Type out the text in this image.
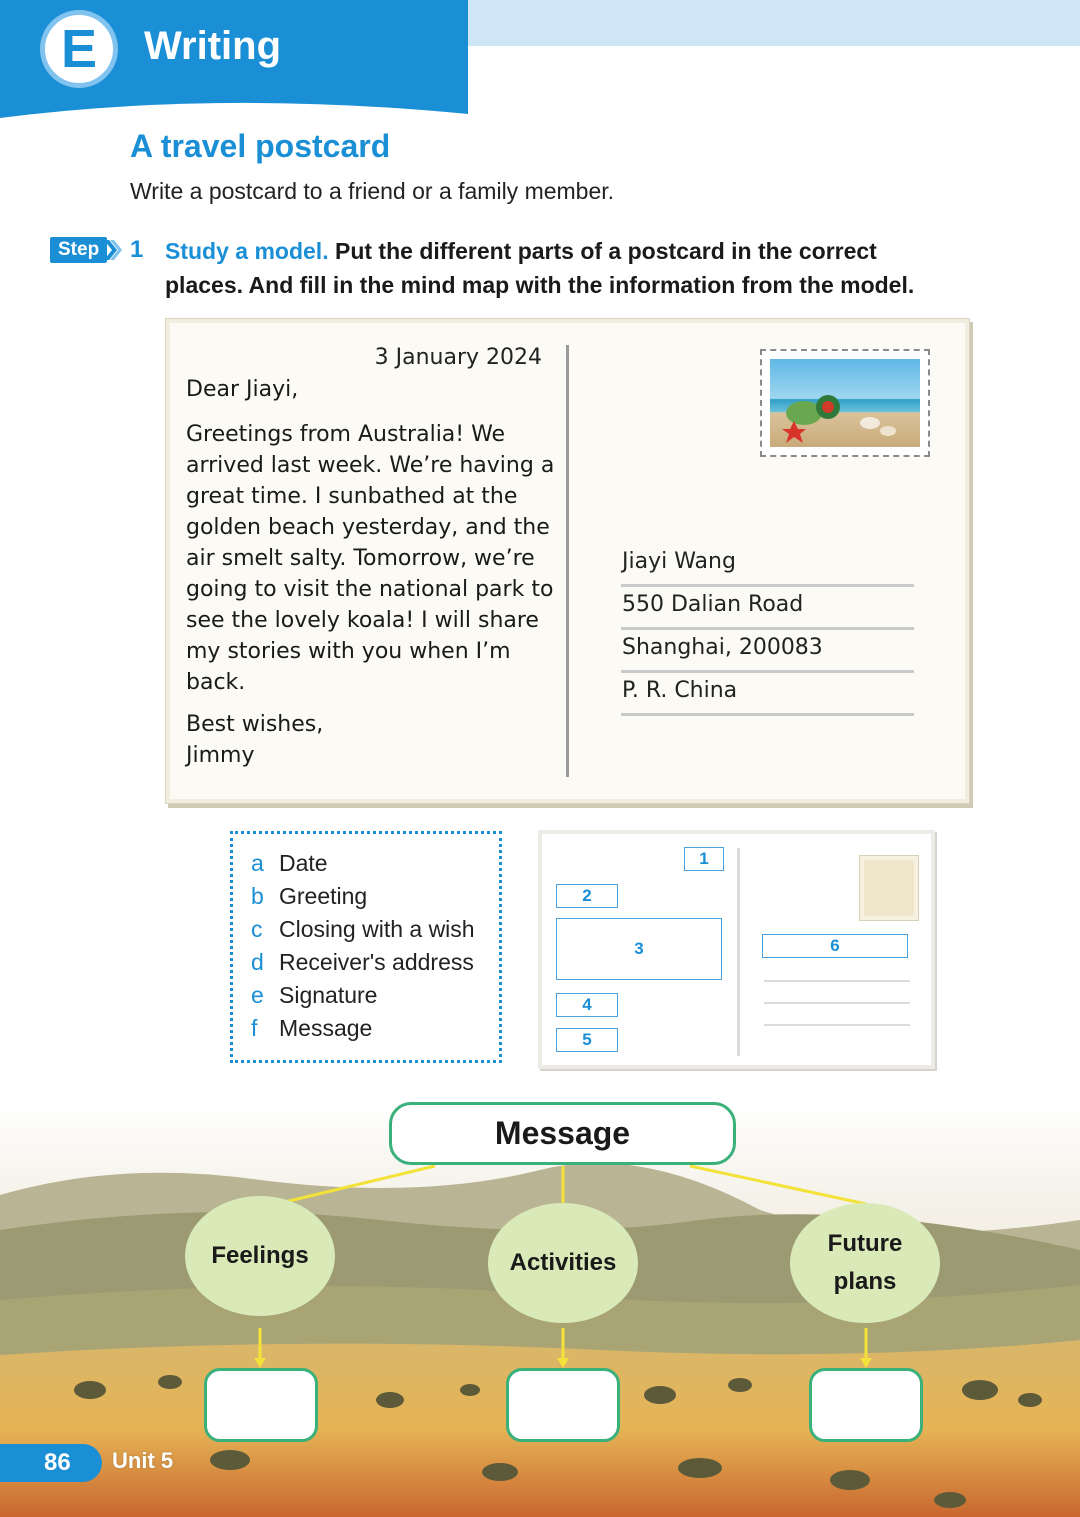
E	Writing
A travel postcard
Write a postcard to a friend or a family member.
Step	1 Study a model. Put the different parts of a postcard in the correct places. And fill in the mind map with the information from the model.
3 January 2024
Dear Jiayi,
Greetings from Australia! We arrived last week. We’re having a great time. I sunbathed at the golden beach yesterday, and the air smelt salty. Tomorrow, we’re going to visit the national park to see the lovely koala! I will share my stories with you when I’m back.
Best wishes,
Jimmy
Jiayi Wang
550 Dalian Road
Shanghai, 200083
P. R. China
a Date
b Greeting
c Closing with a wish
d Receiver's address
e Signature
f Message
1
2
3
4
5
6
Message
Feelings	Activities
Future plans
86	Unit 5
